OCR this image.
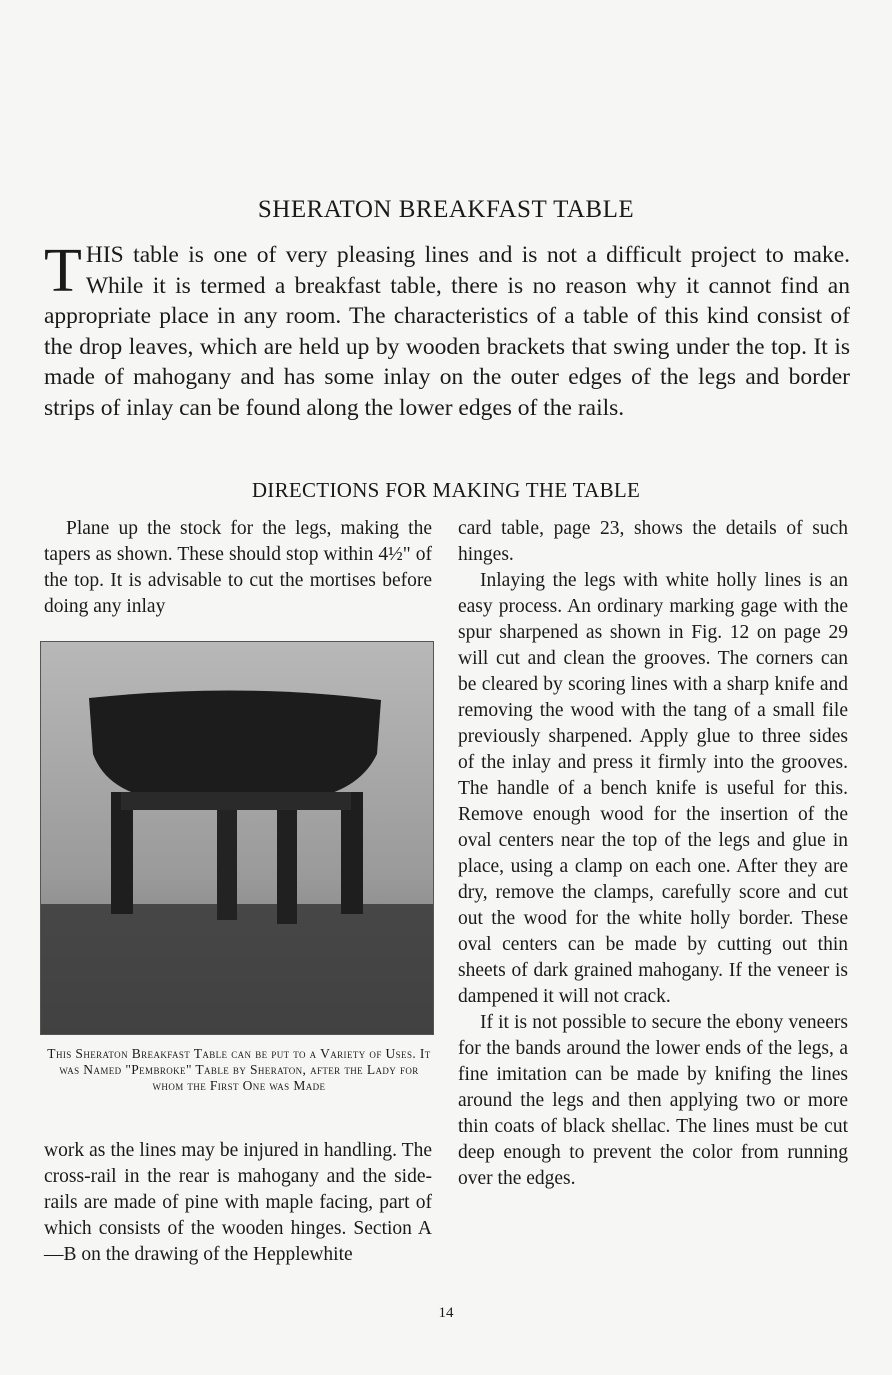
SHERATON BREAKFAST TABLE
THIS table is one of very pleasing lines and is not a difficult project to make. While it is termed a breakfast table, there is no reason why it cannot find an appropriate place in any room. The characteristics of a table of this kind consist of the drop leaves, which are held up by wooden brackets that swing under the top. It is made of mahogany and has some inlay on the outer edges of the legs and border strips of inlay can be found along the lower edges of the rails.
DIRECTIONS FOR MAKING THE TABLE

Plane up the stock for the legs, making the tapers as shown. These should stop within 4½" of the top. It is advisable to cut the mortises before doing any inlay

This Sheraton Breakfast Table can be put to a Variety of Uses. It was Named "Pembroke" Table by Sheraton, after the Lady for whom the First One was Made

work as the lines may be injured in handling. The cross-rail in the rear is mahogany and the side-rails are made of pine with maple facing, part of which consists of the wooden hinges. Section A—B on the drawing of the Hepplewhite

card table, page 23, shows the details of such hinges.

Inlaying the legs with white holly lines is an easy process. An ordinary marking gage with the spur sharpened as shown in Fig. 12 on page 29 will cut and clean the grooves. The corners can be cleared by scoring lines with a sharp knife and removing the wood with the tang of a small file previously sharpened. Apply glue to three sides of the inlay and press it firmly into the grooves. The handle of a bench knife is useful for this. Remove enough wood for the insertion of the oval centers near the top of the legs and glue in place, using a clamp on each one. After they are dry, remove the clamps, carefully score and cut out the wood for the white holly border. These oval centers can be made by cutting out thin sheets of dark grained mahogany. If the veneer is dampened it will not crack.

If it is not possible to secure the ebony veneers for the bands around the lower ends of the legs, a fine imitation can be made by knifing the lines around the legs and then applying two or more thin coats of black shellac. The lines must be cut deep enough to prevent the color from running over the edges.

14
